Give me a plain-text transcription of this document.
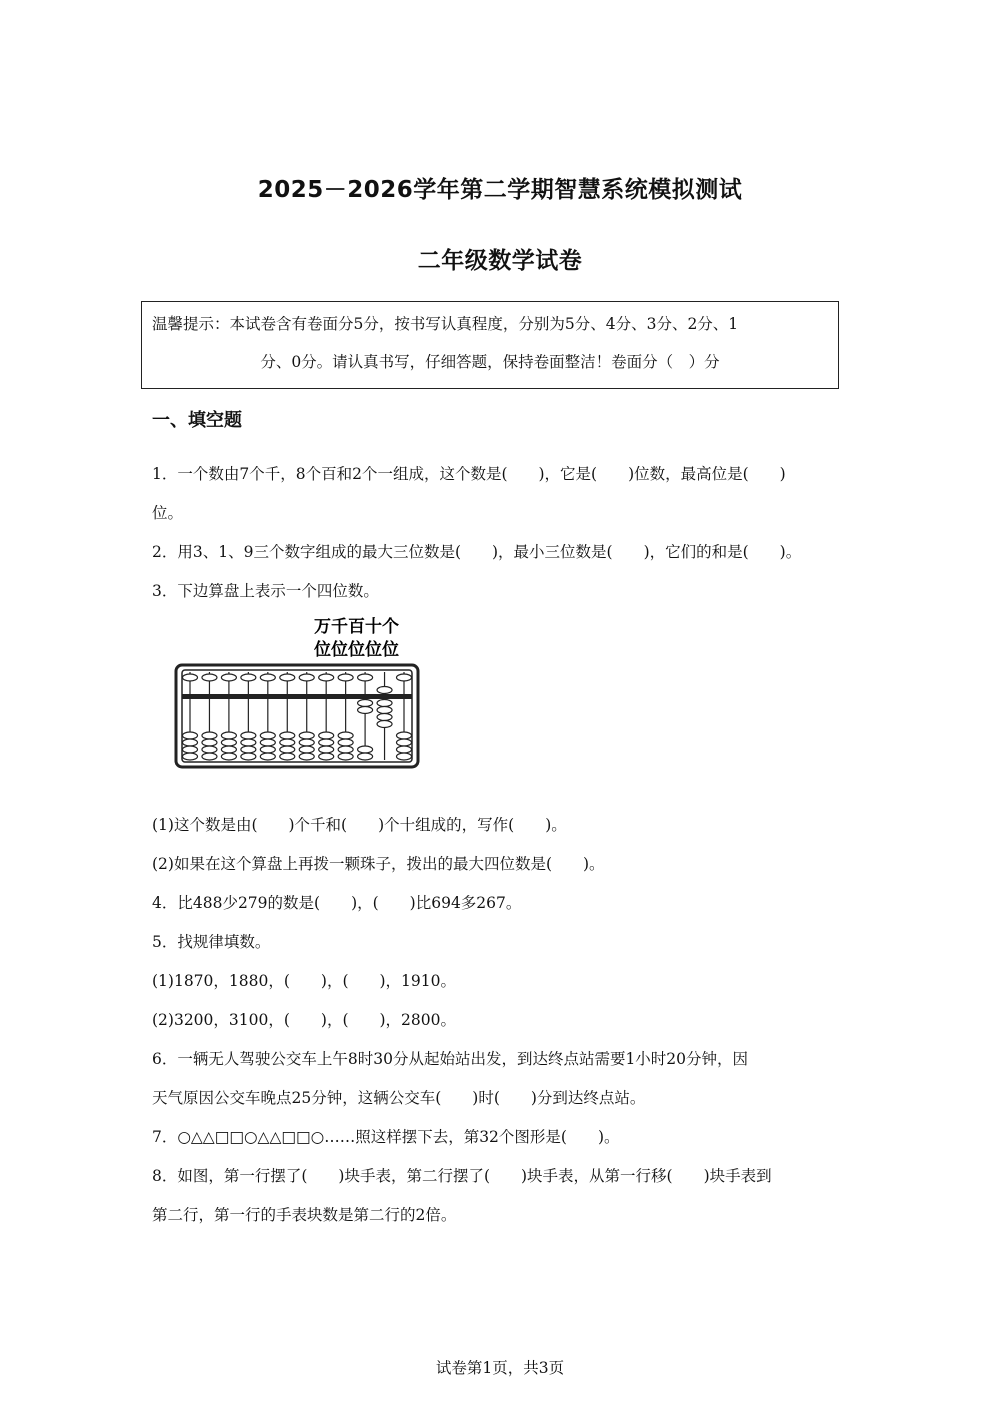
2025－2026学年第二学期智慧系统模拟测试
二年级数学试卷
温馨提示：本试卷含有卷面分5分，按书写认真程度，分别为5分、4分、3分、2分、1
分、0分。请认真书写，仔细答题，保持卷面整洁！卷面分（　）分
一、填空题
1．一个数由7个千，8个百和2个一组成，这个数是(　　)，它是(　　)位数，最高位是(　　)
位。
2．用3、1、9三个数字组成的最大三位数是(　　)，最小三位数是(　　)，它们的和是(　　)。
3．下边算盘上表示一个四位数。
万千百十个
位位位位位
(1)这个数是由(　　)个千和(　　)个十组成的，写作(　　)。
(2)如果在这个算盘上再拨一颗珠子，拨出的最大四位数是(　　)。
4．比488少279的数是(　　)，(　　)比694多267。
5．找规律填数。
(1)1870，1880，(　　)，(　　)，1910。
(2)3200，3100，(　　)，(　　)，2800。
6．一辆无人驾驶公交车上午8时30分从起始站出发，到达终点站需要1小时20分钟，因
天气原因公交车晚点25分钟，这辆公交车(　　)时(　　)分到达终点站。
7．○△△□□○△△□□○……照这样摆下去，第32个图形是(　　)。
8．如图，第一行摆了(　　)块手表，第二行摆了(　　)块手表，从第一行移(　　)块手表到
第二行，第一行的手表块数是第二行的2倍。
试卷第1页，共3页
